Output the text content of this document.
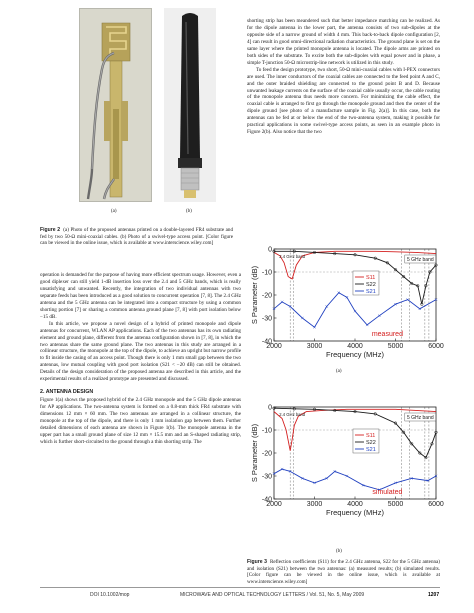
(a)	(b)
Figure 2 (a) Photo of the proposed antennas printed on a double-layered FR4 substrate and fed by two 50-Ω mini-coaxial cables. (b) Photo of a swivel-type access point. [Color figure can be viewed in the online issue, which is available at www.interscience.wiley.com]

operation is demanded for the purpose of having more efficient spectrum usage. However, even a good diplexer can still yield 1-dB insertion loss over the 2.4 and 5 GHz bands, which is really unsatisfying and unwanted. Recently, the integration of two individual antennas with two separate feeds has been introduced as a good solution to concurrent operation [7, 8]. The 2.4 GHz antenna and the 5 GHz antenna can be integrated into a compact structure by using a common shorting portion [7] or sharing a common antenna ground plane [7, 8] with port isolation below −15 dB.

In this article, we propose a novel design of a hybrid of printed monopole and dipole antennas for concurrent, WLAN AP applications. Each of the two antennas has its own radiating element and ground plane, different from the antenna configuration shown in [7, 8], in which the two antennas share the same ground plane. The two antennas in this study are arranged in a collinear structure, the monopole at the top of the dipole, to achieve an upright but narrow profile to fit inside the casing of an access point. Though there is only 1 mm small gap between the two antennas, low mutual coupling with good port isolation (S21 < −20 dB) can still be obtained. Details of the design consideration of the proposed antenna are described in this article, and the experimental results of a realized prototype are presented and discussed.

2. ANTENNA DESIGN

Figure 1(a) shows the proposed hybrid of the 2.4 GHz monopole and the 5 GHz dipole antennas for AP applications. The two-antenna system is formed on a 0.8-mm thick FR4 substrate with dimensions 12 mm × 60 mm. The two antennas are arranged in a collinear structure, the monopole at the top of the dipole, and there is only 1 mm isolation gap between them. Further detailed dimensions of each antenna are shown in Figure 1(b). The monopole antenna in the upper part has a small ground plane of size 12 mm × 15.5 mm and an S-shaped radiating strip, which is further short-circuited to the ground through a thin shorting strip. The

shorting strip has been meandered such that better impedance matching can be realized. As for the dipole antenna in the lower part, the antenna consists of two sub-dipoles at the opposite side of a narrow ground of width 4 mm. This back-to-back dipole configuration [2, 4] can result in good omni-directional radiation characteristics. The ground plane is set on the same layer where the printed monopole antenna is located. The dipole arms are printed on both sides of the substrate. To excite both the sub-dipoles with equal power and in phase, a simple T-junction 50-Ω microstrip-line network is utilized in this study.

To feed the design prototype, two short, 50-Ω mini-coaxial cables with I-PEX connectors are used. The inner conductors of the coaxial cables are connected to the feed point A and C, and the outer braided shielding are connected to the ground point B and D. Because unwanted leakage currents on the surface of the coaxial cable usually occur, the cable routing of the monopole antenna thus needs more concern. For minimizing the cable effect, the coaxial cable is arranged to first go through the monopole ground and then the center of the dipole ground [see photo of a manufacture sample in Fig. 2(a)]. In this case, both the antennas can be fed at or below the end of the two-antenna system, making it possible for practical applications in some swivel-type access points, as seen in an example photo in Figure 2(b). Also notice that the two

2000	3000	4000	5000	6000
0
-10
-20
-30
-40
Frequency (MHz)
S Parameter (dB)
2.4 GHz band
5 GHz band
measured
S11
S22
S21
(a)
2000	3000	4000	5000	6000
0
-10
-20
-30
-40
Frequency (MHz)
S Parameter (dB)
2.4 GHz band
5 GHz band
simulated
S11
S22
S21
(b)
Figure 3 Reflection coefficients (S11) for the 2.4 GHz antenna, S22 for the 5 GHz antenna) and isolation (S21) between the two antennas: (a) measured results; (b) simulated results. [Color figure can be viewed in the online issue, which is available at www.interscience.wiley.com]
DOI 10.1002/mop	MICROWAVE AND OPTICAL TECHNOLOGY LETTERS / Vol. 51, No. 5, May 2009	1207
